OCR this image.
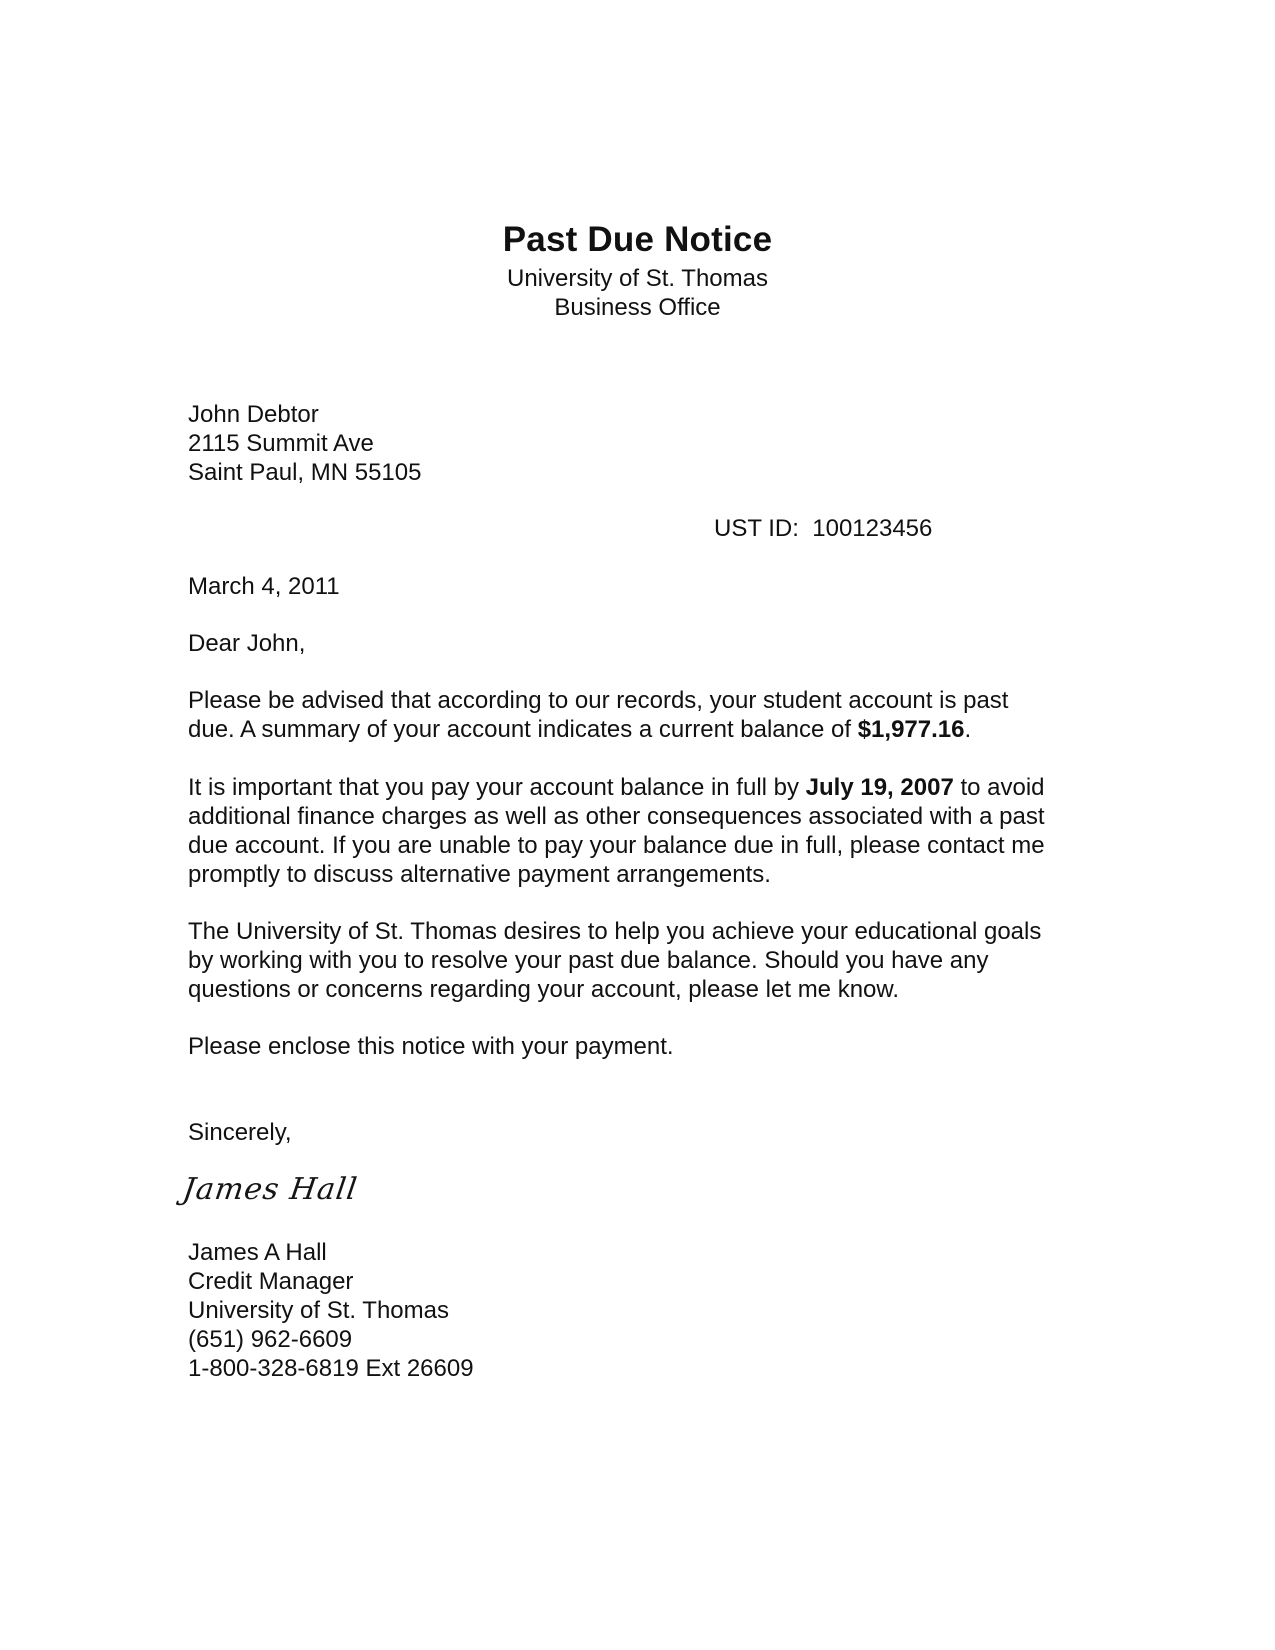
Past Due Notice
University of St. Thomas
Business Office
John Debtor
2115 Summit Ave
Saint Paul, MN 55105
UST ID: 100123456
March 4, 2011
Dear John,
Please be advised that according to our records, your student account is past
due. A summary of your account indicates a current balance of $1,977.16.
It is important that you pay your account balance in full by July 19, 2007 to avoid
additional finance charges as well as other consequences associated with a past
due account. If you are unable to pay your balance due in full, please contact me
promptly to discuss alternative payment arrangements.
The University of St. Thomas desires to help you achieve your educational goals
by working with you to resolve your past due balance. Should you have any
questions or concerns regarding your account, please let me know.
Please enclose this notice with your payment.
Sincerely,
James Hall
James A Hall
Credit Manager
University of St. Thomas
(651) 962-6609
1-800-328-6819 Ext 26609
